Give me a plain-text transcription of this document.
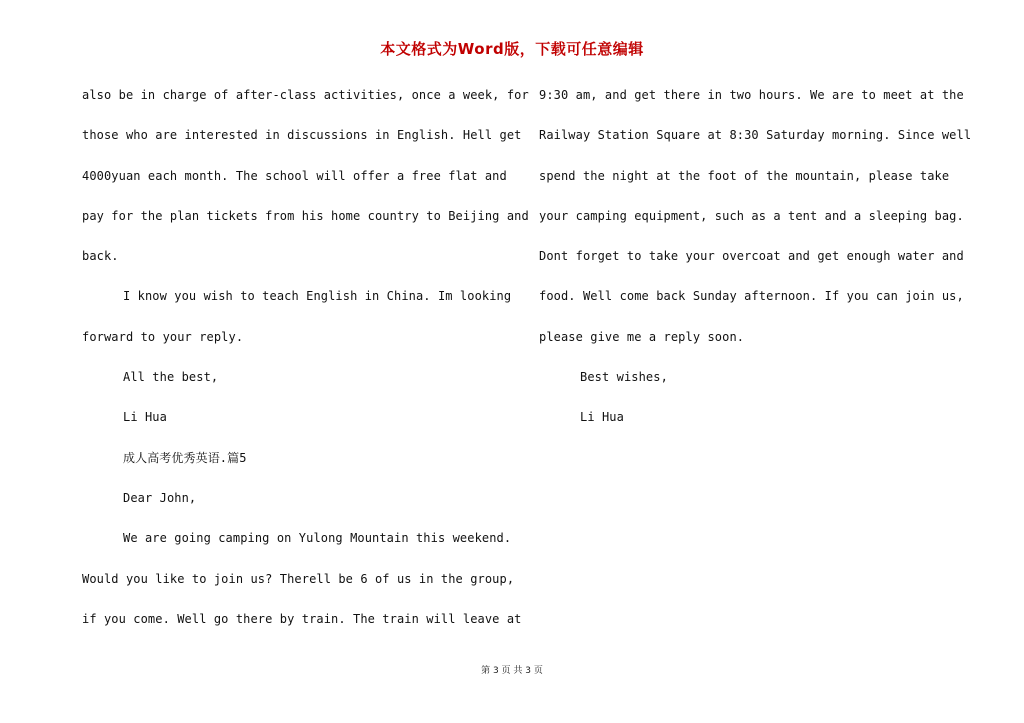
本文格式为Word版，下载可任意编辑
also be in charge of after-class activities, once a week, for
those who are interested in discussions in English. Hell get
4000yuan each month. The school will offer a free flat and
pay for the plan tickets from his home country to Beijing and
back.
I know you wish to teach English in China. Im looking
forward to your reply.
All the best,
Li Hua
成人高考优秀英语.篇5
Dear John,
We are going camping on Yulong Mountain this weekend.
Would you like to join us? Therell be 6 of us in the group,
if you come. Well go there by train. The train will leave at
9:30 am, and get there in two hours. We are to meet at the
Railway Station Square at 8:30 Saturday morning. Since well
spend the night at the foot of the mountain, please take
your camping equipment, such as a tent and a sleeping bag.
Dont forget to take your overcoat and get enough water and
food. Well come back Sunday afternoon. If you can join us,
please give me a reply soon.
Best wishes,
Li Hua
第 3 页 共 3 页
